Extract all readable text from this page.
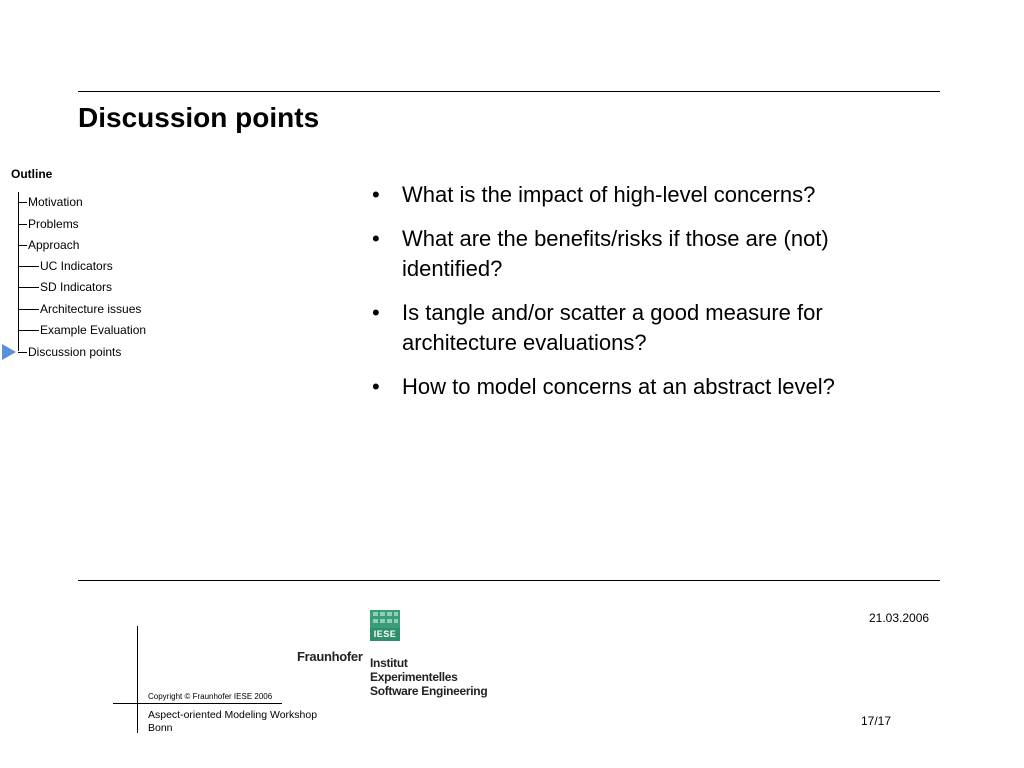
Discussion points
Outline
Motivation
Problems
Approach
UC Indicators
SD Indicators
Architecture issues
Example Evaluation
Discussion points
• What is the impact of high-level concerns?
• What are the benefits/risks if those are (not) identified?
• Is tangle and/or scatter a good measure for architecture evaluations?
• How to model concerns at an abstract level?
21.03.2006
IESE
Fraunhofer Institut
Experimentelles
Software Engineering
Copyright © Fraunhofer IESE 2006
Aspect-oriented Modeling Workshop
Bonn	17/17
